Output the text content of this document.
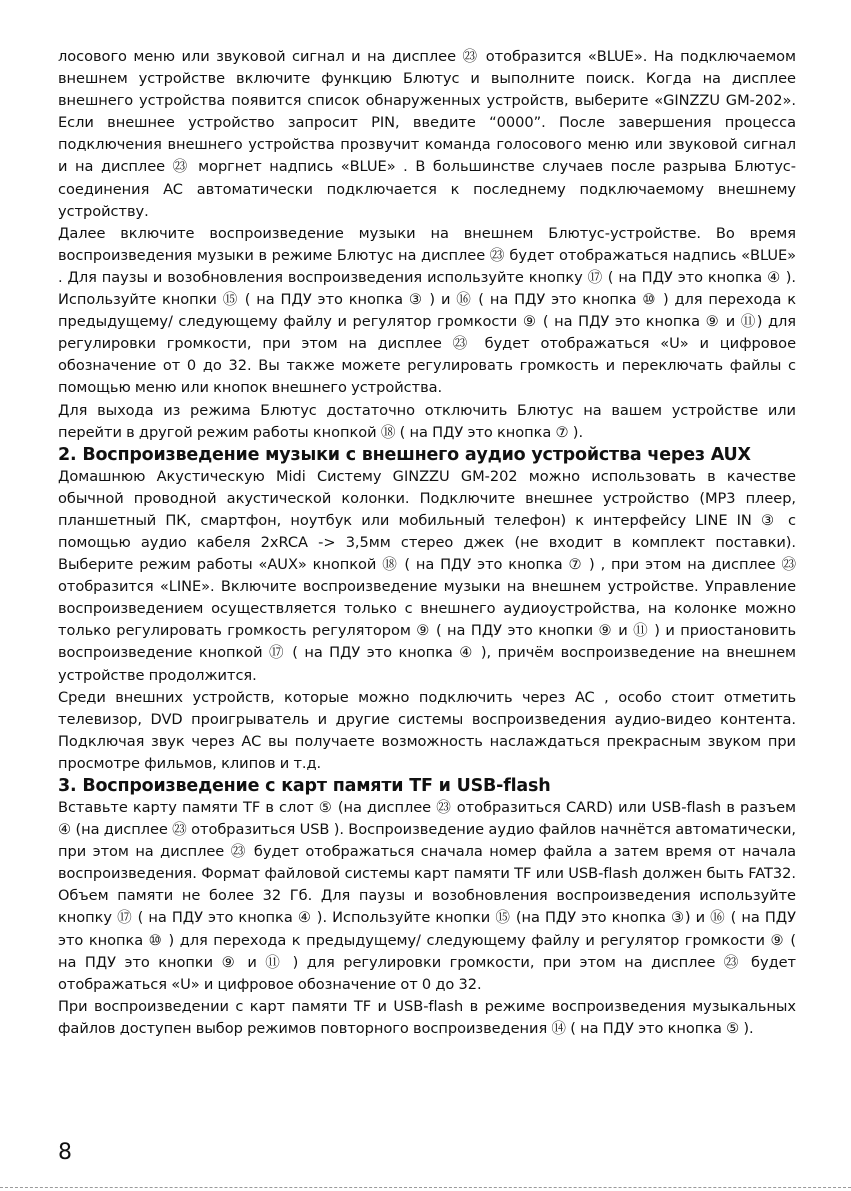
лосового меню или звуковой сигнал и на дисплее ㉓ отобразится «BLUE». На подключаемом внешнем устройстве включите функцию Блютус и выполните поиск. Когда на дисплее внешнего устройства появится список обнаруженных устройств, выберите «GINZZU GM-202». Если внешнее устройство запросит PIN, введите “0000”. После завершения процесса подключения внешнего устройства прозвучит команда голосового меню или звуковой сигнал и на дисплее ㉓ моргнет надпись «BLUE» . В большинстве случаев после разрыва Блютус-соединения AC автоматически подключается к последнему подключаемому внешнему устройству.

Далее включите воспроизведение музыки на внешнем Блютус-устройстве. Во время воспроизведения музыки в режиме Блютус на дисплее ㉓ будет отображаться надпись «BLUE» . Для паузы и возобновления воспроизведения используйте кнопку ⑰ ( на ПДУ это кнопка ④ ). Используйте кнопки ⑮ ( на ПДУ это кнопка ③ ) и ⑯ ( на ПДУ это кнопка ⑩ ) для перехода к предыдущему/ следующему файлу и регулятор громкости ⑨ ( на ПДУ это кнопка ⑨ и ⑪) для регулировки громкости, при этом на дисплее ㉓ будет отображаться «U» и цифровое обозначение от 0 до 32. Вы также можете регулировать громкость и переключать файлы с помощью меню или кнопок внешнего устройства.

Для выхода из режима Блютус достаточно отключить Блютус на вашем устройстве или перейти в другой режим работы кнопкой ⑱ ( на ПДУ это кнопка ⑦ ).

2. Воспроизведение музыки с внешнего аудио устройства через AUX

Домашнюю Акустическую Midi Систему GINZZU GM-202 можно использовать в качестве обычной проводной акустической колонки. Подключите внешнее устройство (MP3 плеер, планшетный ПК, смартфон, ноутбук или мобильный телефон) к интерфейсу LINE IN ③ с помощью аудио кабеля 2xRCA -> 3,5мм стерео джек (не входит в комплект поставки). Выберите режим работы «AUX» кнопкой ⑱ ( на ПДУ это кнопка ⑦ ) , при этом на дисплее ㉓ отобразится «LINE». Включите воспроизведение музыки на внешнем устройстве. Управление воспроизведением осуществляется только с внешнего аудиоустройства, на колонке можно только регулировать громкость регулятором ⑨ ( на ПДУ это кнопки ⑨ и ⑪ ) и приостановить воспроизведение кнопкой ⑰ ( на ПДУ это кнопка ④ ), причём воспроизведение на внешнем устройстве продолжится.

Среди внешних устройств, которые можно подключить через AC , особо стоит отметить телевизор, DVD проигрыватель и другие системы воспроизведения аудио-видео контента. Подключая звук через AC вы получаете возможность наслаждаться прекрасным звуком при просмотре фильмов, клипов и т.д.

3. Воспроизведение с карт памяти TF и USB-flash

Вставьте карту памяти TF в слот ⑤ (на дисплее ㉓ отобразиться CARD) или USB-flash в разъем ④ (на дисплее ㉓ отобразиться USB ). Воспроизведение аудио файлов начнётся автоматически, при этом на дисплее ㉓ будет отображаться сначала номер файла а затем время от начала воспроизведения. Формат файловой системы карт памяти TF или USB-flash должен быть FAT32. Объем памяти не более 32 Гб. Для паузы и возобновления воспроизведения используйте кнопку ⑰ ( на ПДУ это кнопка ④ ). Используйте кнопки ⑮ (на ПДУ это кнопка ③) и ⑯ ( на ПДУ это кнопка ⑩ ) для перехода к предыдущему/ следующему файлу и регулятор громкости ⑨ ( на ПДУ это кнопки ⑨ и ⑪ ) для регулировки громкости, при этом на дисплее ㉓ будет отображаться «U» и цифровое обозначение от 0 до 32.

При воспроизведении с карт памяти TF и USB-flash в режиме воспроизведения музыкальных файлов доступен выбор режимов повторного воспроизведения ⑭ ( на ПДУ это кнопка ⑤ ).

8
